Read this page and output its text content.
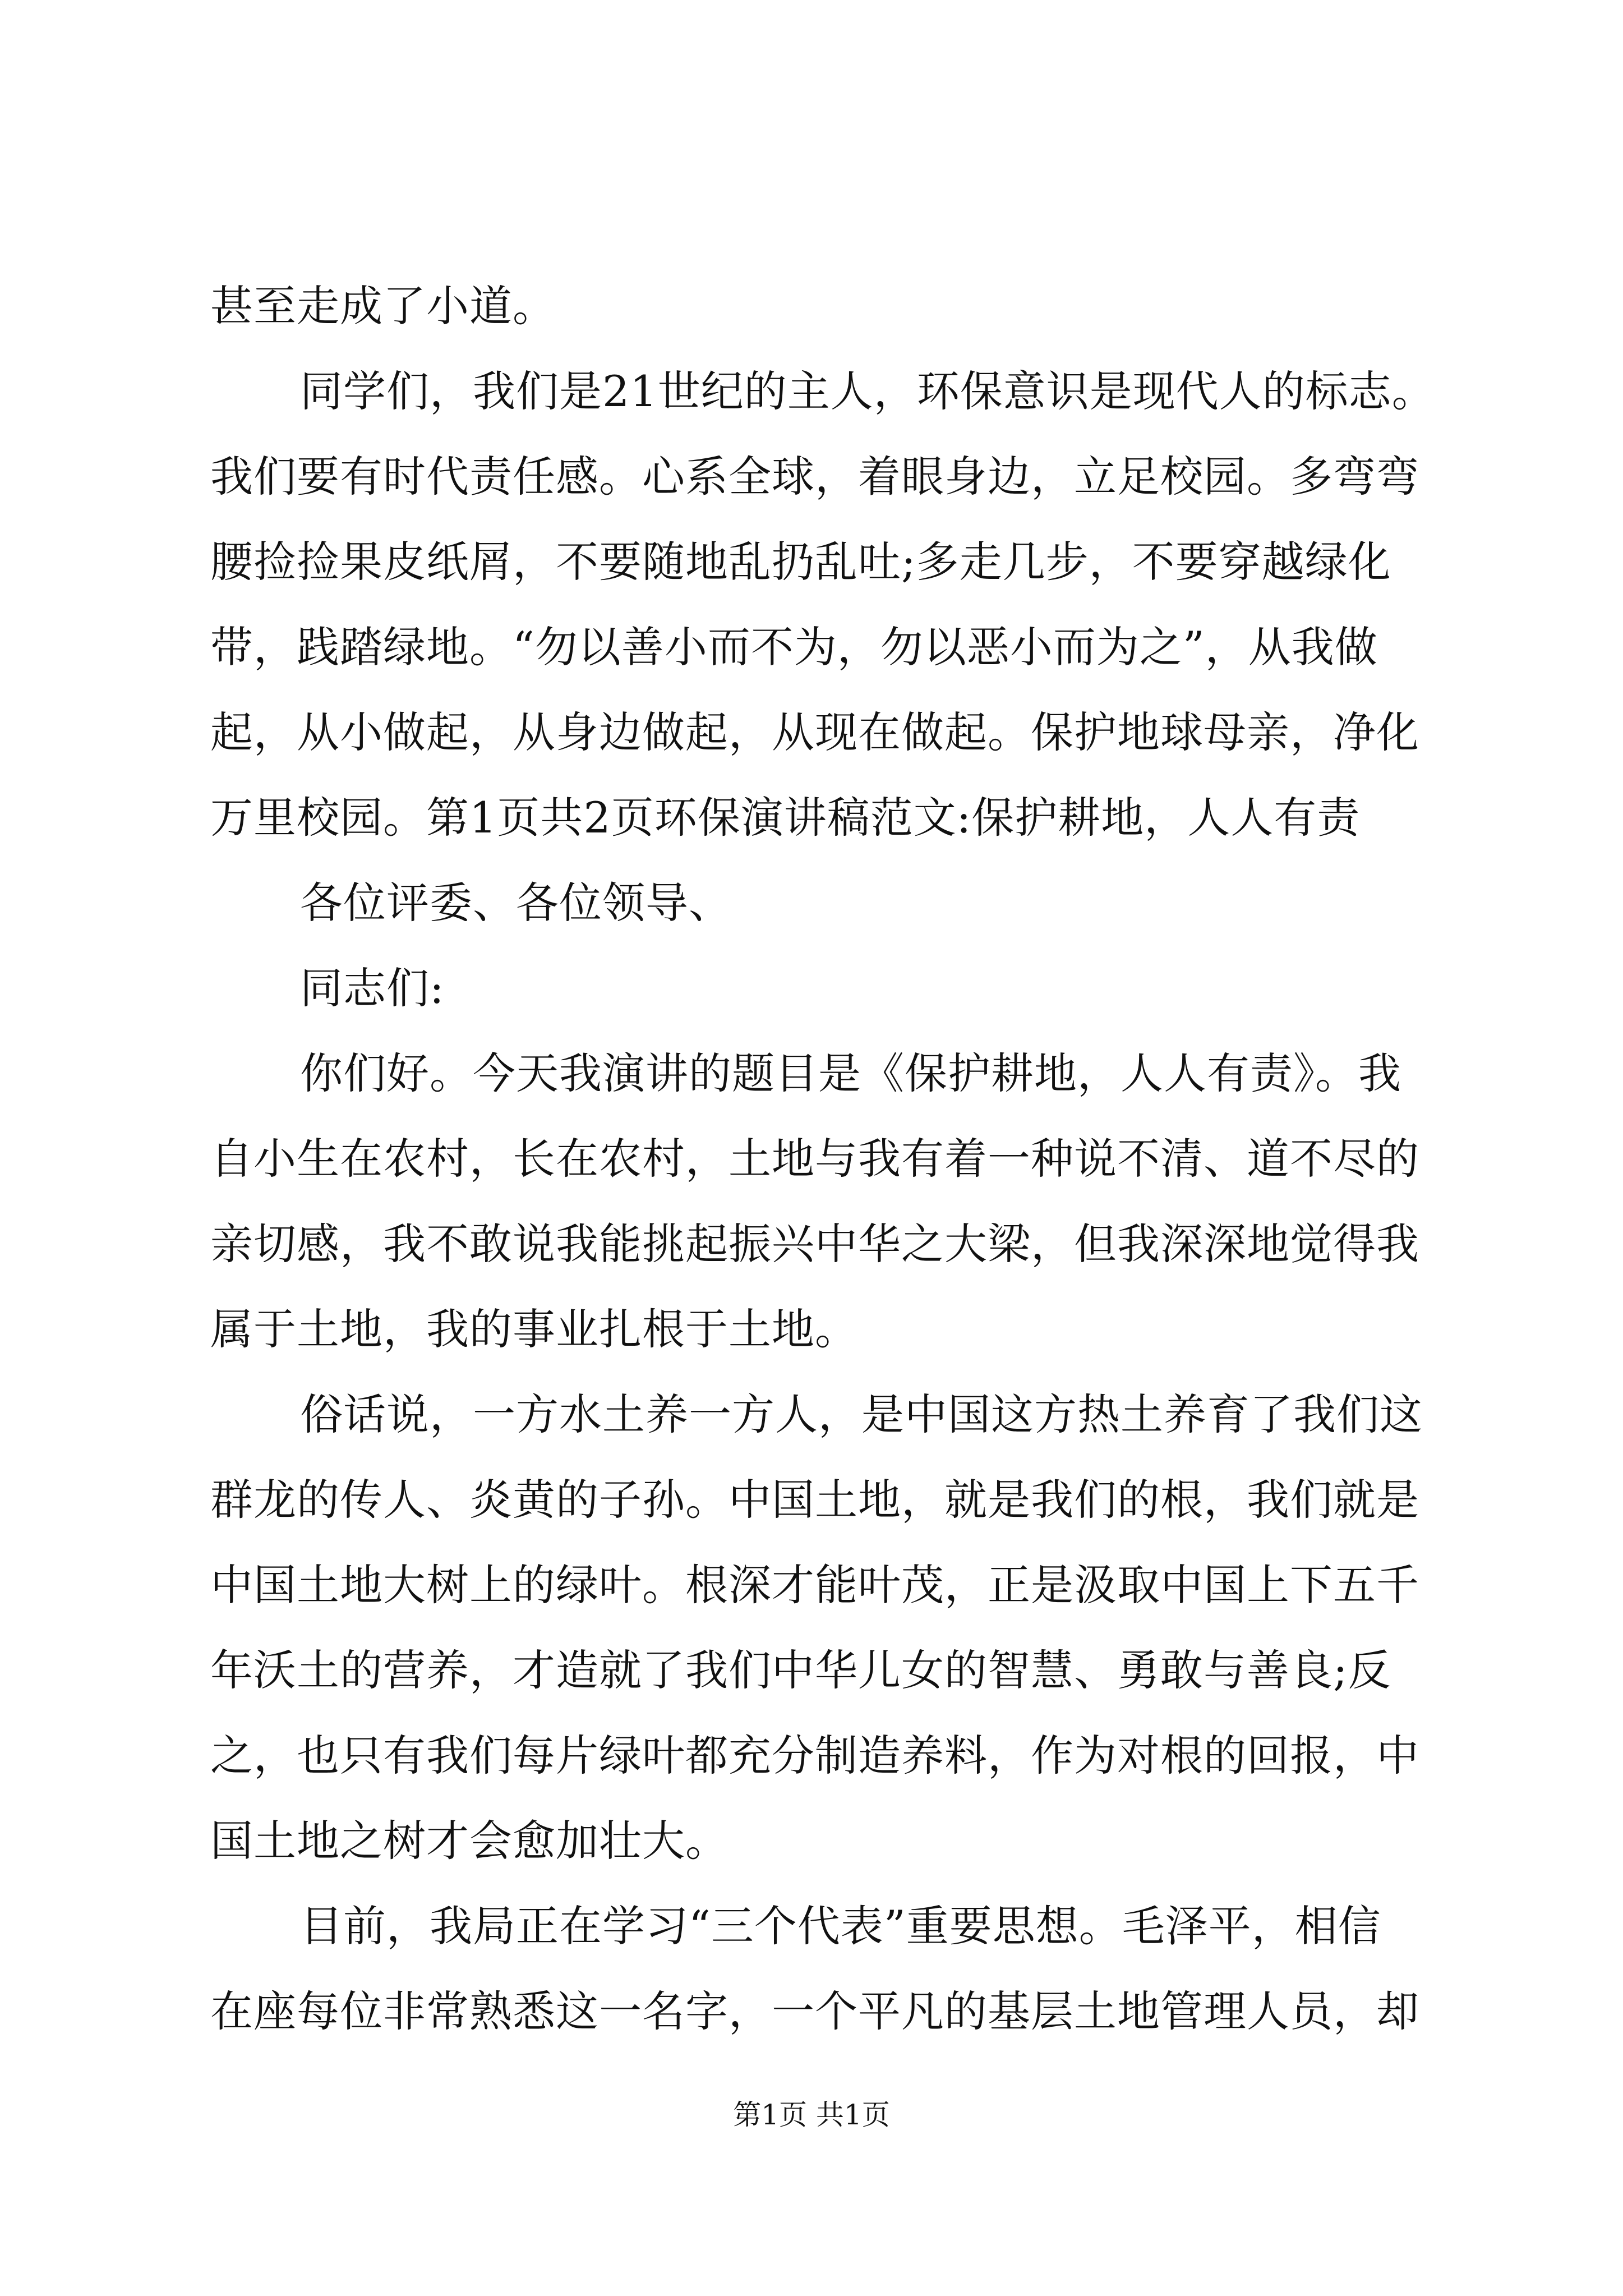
甚至走成了小道。
同学们，我们是21世纪的主人，环保意识是现代人的标志。
我们要有时代责任感。心系全球，着眼身边，立足校园。多弯弯
腰捡捡果皮纸屑，不要随地乱扔乱吐;多走几步，不要穿越绿化
带，践踏绿地。“勿以善小而不为，勿以恶小而为之”，从我做
起，从小做起，从身边做起，从现在做起。保护地球母亲，净化
万里校园。第1页共2页环保演讲稿范文:保护耕地，人人有责
各位评委、各位领导、
同志们:
你们好。今天我演讲的题目是《保护耕地，人人有责》。我
自小生在农村，长在农村，土地与我有着一种说不清、道不尽的
亲切感，我不敢说我能挑起振兴中华之大梁，但我深深地觉得我
属于土地，我的事业扎根于土地。
俗话说，一方水土养一方人，是中国这方热土养育了我们这
群龙的传人、炎黄的子孙。中国土地，就是我们的根，我们就是
中国土地大树上的绿叶。根深才能叶茂，正是汲取中国上下五千
年沃土的营养，才造就了我们中华儿女的智慧、勇敢与善良;反
之，也只有我们每片绿叶都充分制造养料，作为对根的回报，中
国土地之树才会愈加壮大。
目前，我局正在学习“三个代表”重要思想。毛泽平，相信
在座每位非常熟悉这一名字，一个平凡的基层土地管理人员，却
第1页 共1页
